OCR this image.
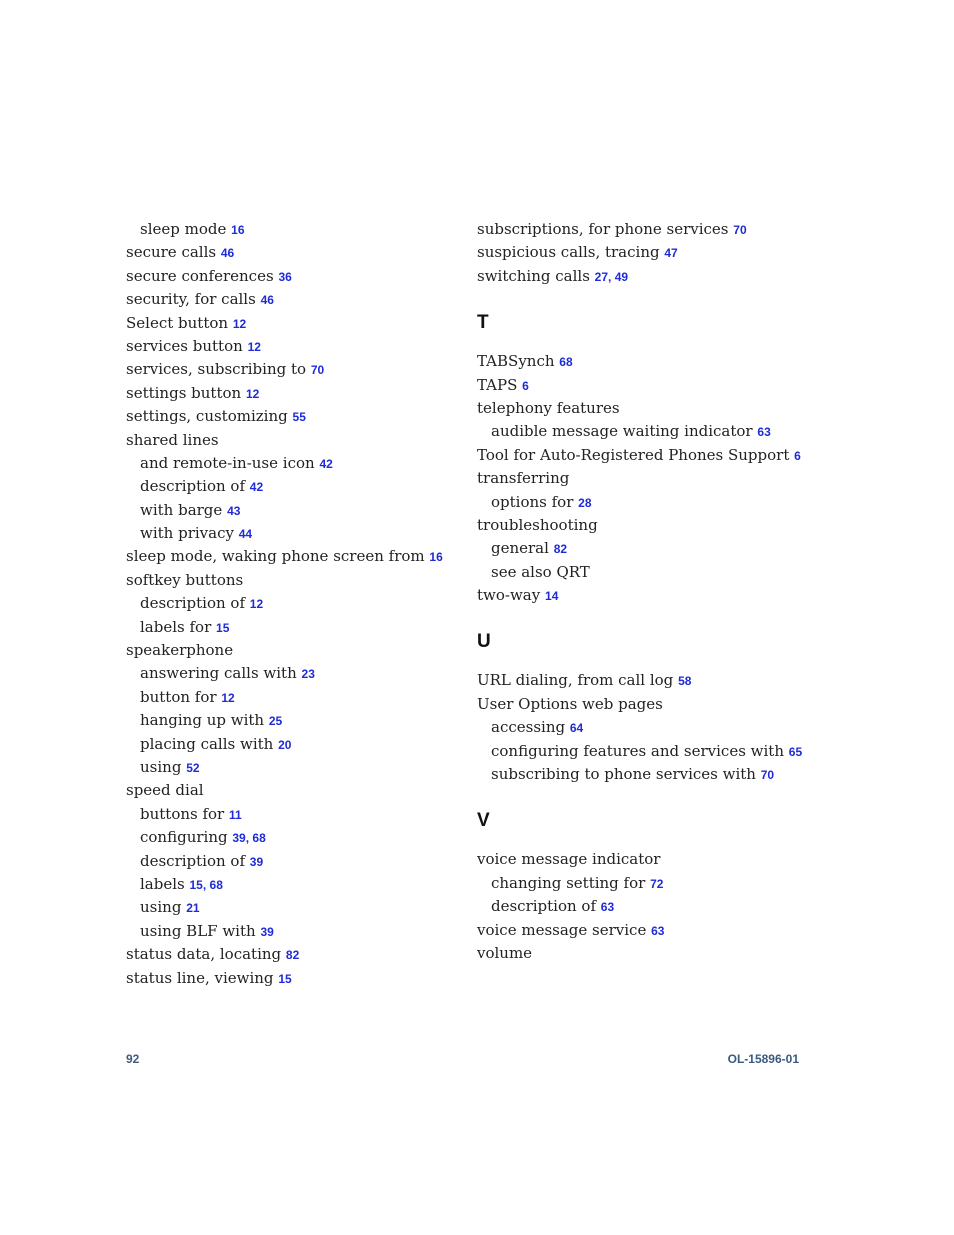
sleep mode 16
secure calls 46
secure conferences 36
security, for calls 46
Select button 12
services button 12
services, subscribing to 70
settings button 12
settings, customizing 55
shared lines
and remote-in-use icon 42
description of 42
with barge 43
with privacy 44
sleep mode, waking phone screen from 16
softkey buttons
description of 12
labels for 15
speakerphone
answering calls with 23
button for 12
hanging up with 25
placing calls with 20
using 52
speed dial
buttons for 11
configuring 39, 68
description of 39
labels 15, 68
using 21
using BLF with 39
status data, locating 82
status line, viewing 15
subscriptions, for phone services 70
suspicious calls, tracing 47
switching calls 27, 49
T
TABSynch 68
TAPS 6
telephony features
audible message waiting indicator 63
Tool for Auto-Registered Phones Support 6
transferring
options for 28
troubleshooting
general 82
see also QRT
two-way 14
U
URL dialing, from call log 58
User Options web pages
accessing 64
configuring features and services with 65
subscribing to phone services with 70
V
voice message indicator
changing setting for 72
description of 63
voice message service 63
volume
92	OL-15896-01
